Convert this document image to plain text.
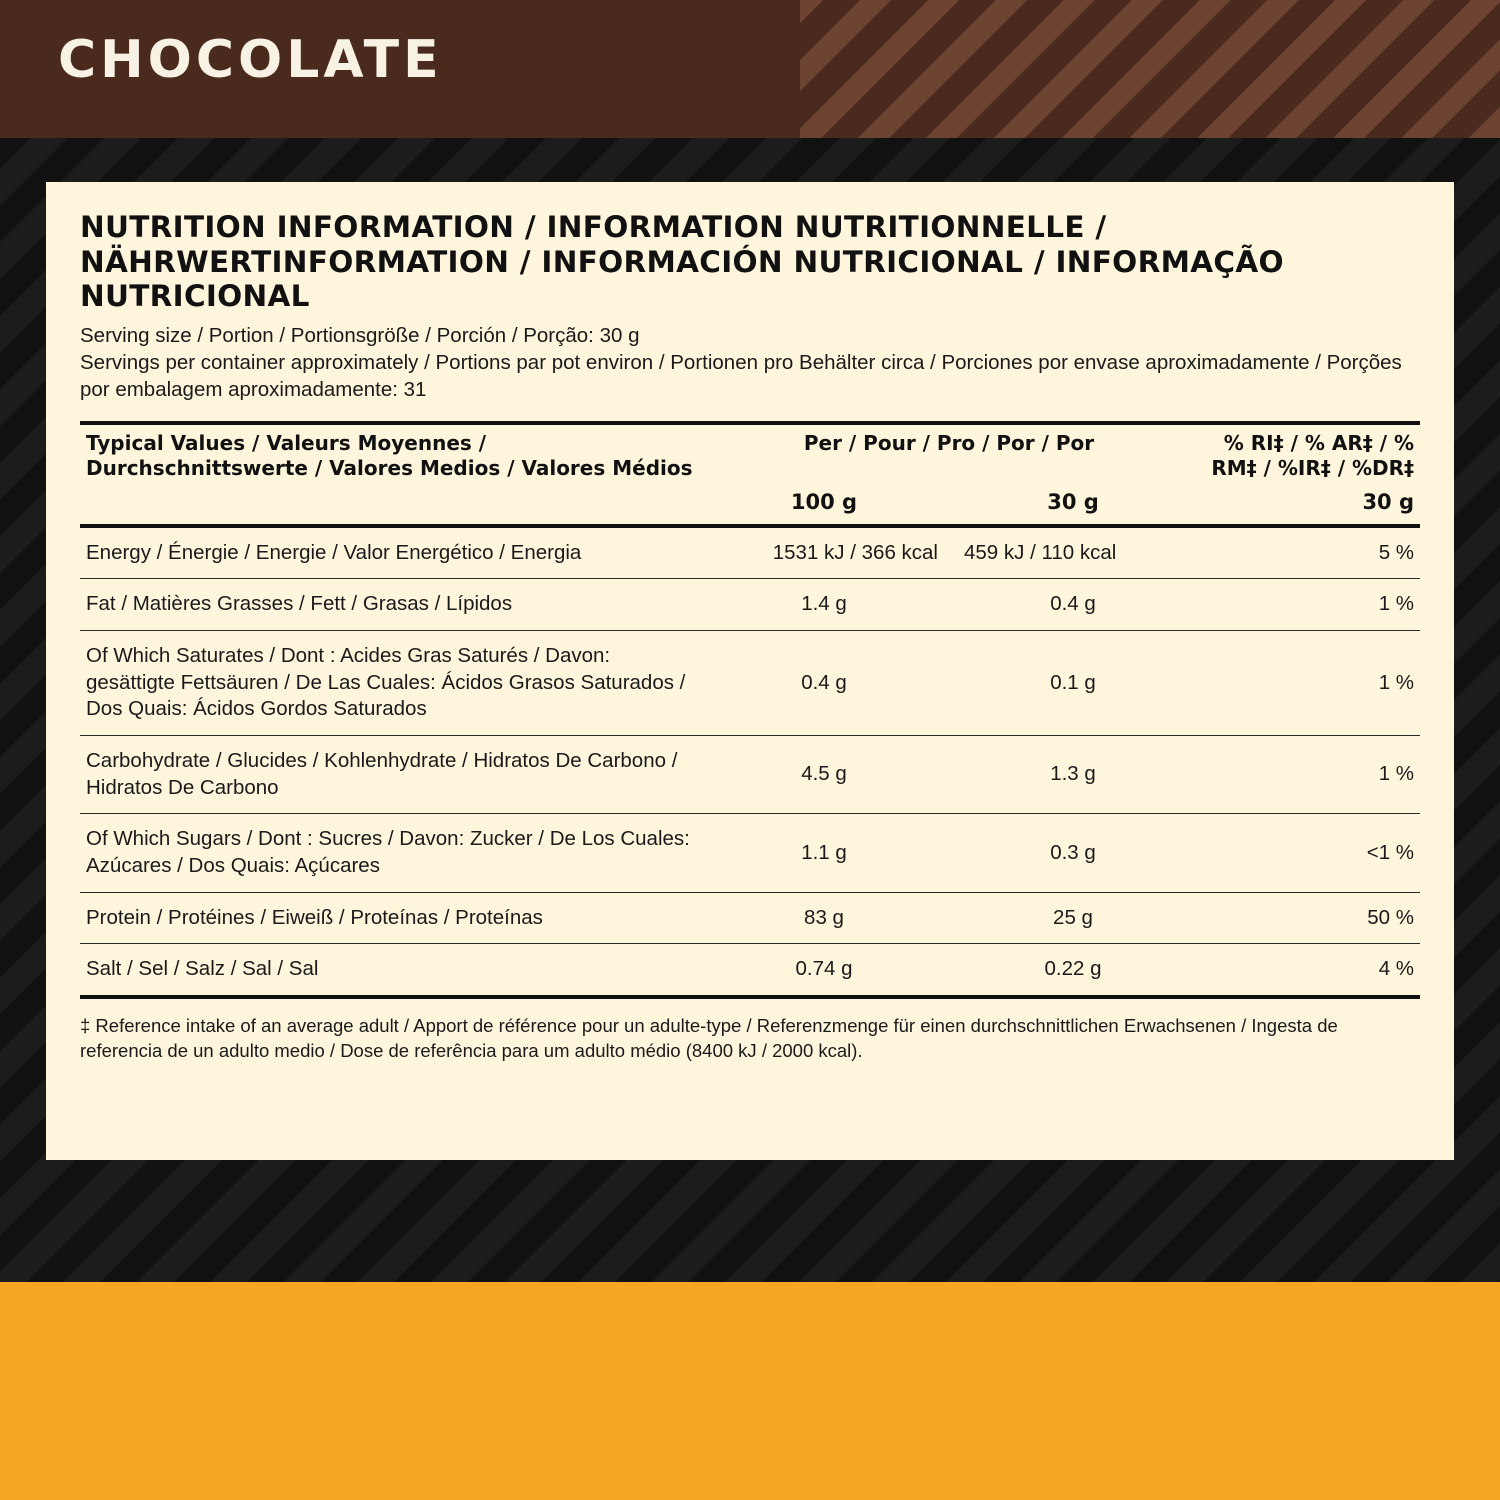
CHOCOLATE
NUTRITION INFORMATION / INFORMATION NUTRITIONNELLE / NÄHRWERTINFORMATION / INFORMACIÓN NUTRICIONAL / INFORMAÇÃO NUTRICIONAL
Serving size / Portion / Portionsgröße / Porción / Porção: 30 g
Servings per container approximately / Portions par pot environ / Portionen pro Behälter circa / Porciones por envase aproximadamente / Porções por embalagem aproximadamente: 31
Typical Values / Valeurs Moyennes / Durchschnittswerte / Valores Medios / Valores Médios	Per / Pour / Pro / Por / Por		% RI‡ / % AR‡ / % RM‡ / %IR‡ / %DR‡
	100 g	30 g	30 g
Energy / Énergie / Energie / Valor Energético / Energia	1531 kJ / 366 kcal	459 kJ / 110 kcal	5 %
Fat / Matières Grasses / Fett / Grasas / Lípidos	1.4 g	0.4 g	1 %
Of Which Saturates / Dont : Acides Gras Saturés / Davon: gesättigte Fettsäuren / De Las Cuales: Ácidos Grasos Saturados / Dos Quais: Ácidos Gordos Saturados	0.4 g	0.1 g	1 %
Carbohydrate / Glucides / Kohlenhydrate / Hidratos De Carbono / Hidratos De Carbono	4.5 g	1.3 g	1 %
Of Which Sugars / Dont : Sucres / Davon: Zucker / De Los Cuales: Azúcares / Dos Quais: Açúcares	1.1 g	0.3 g	<1 %
Protein / Protéines / Eiweiß / Proteínas / Proteínas	83 g	25 g	50 %
Salt / Sel / Salz / Sal / Sal	0.74 g	0.22 g	4 %
‡ Reference intake of an average adult / Apport de référence pour un adulte-type / Referenzmenge für einen durchschnittlichen Erwachsenen / Ingesta de referencia de un adulto medio / Dose de referência para um adulto médio (8400 kJ / 2000 kcal).
